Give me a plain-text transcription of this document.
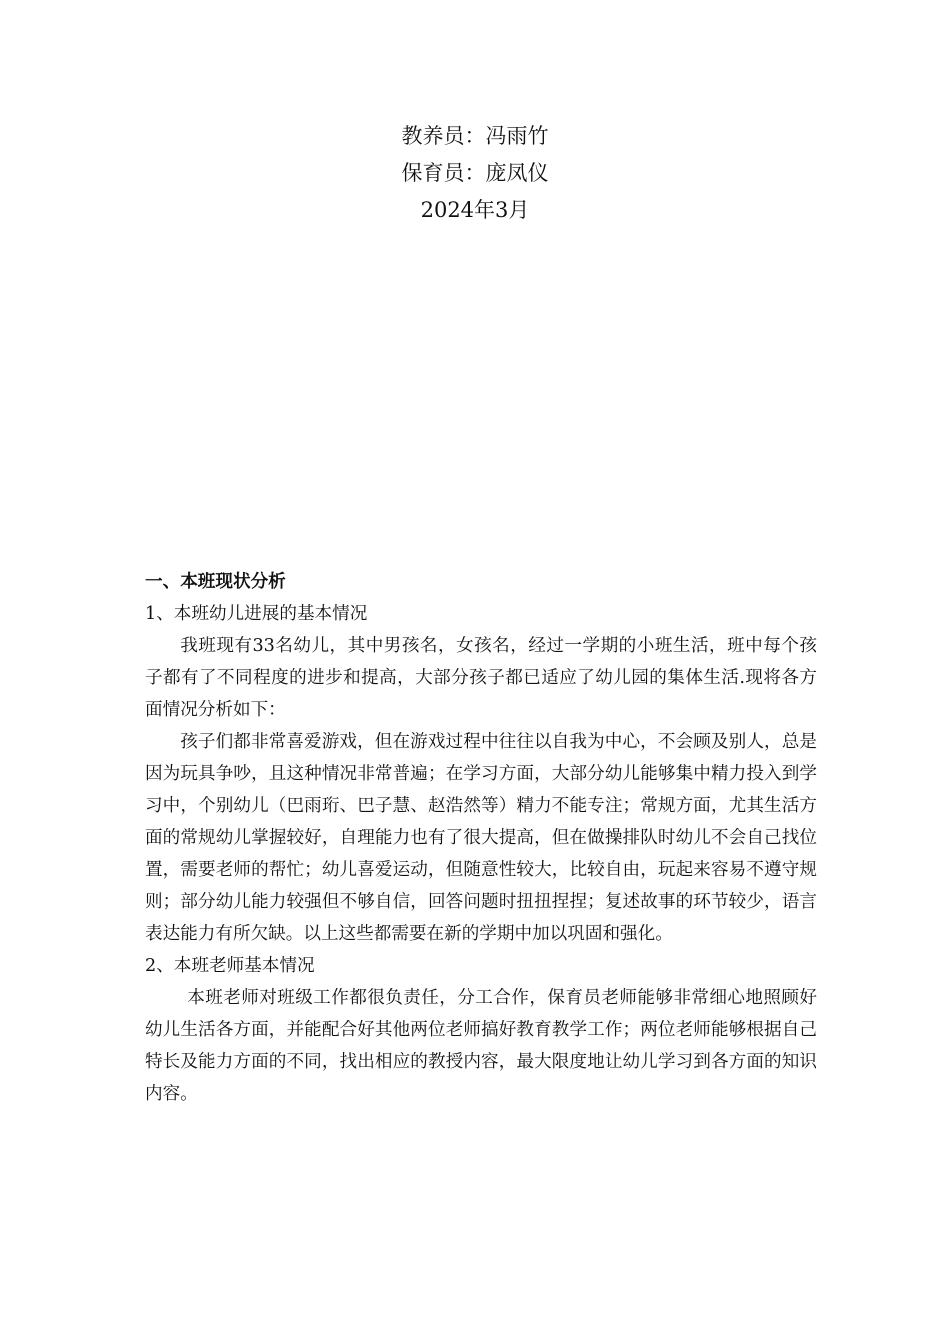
教养员：冯雨竹
保育员：庞凤仪
2024年3月
一、本班现状分析
1、本班幼儿进展的基本情况

我班现有33名幼儿，其中男孩名，女孩名，经过一学期的小班生活，班中每个孩子都有了不同程度的进步和提高，大部分孩子都已适应了幼儿园的集体生活.现将各方面情况分析如下：

孩子们都非常喜爱游戏，但在游戏过程中往往以自我为中心，不会顾及别人，总是因为玩具争吵，且这种情况非常普遍；在学习方面，大部分幼儿能够集中精力投入到学习中，个别幼儿（巴雨珩、巴子慧、赵浩然等）精力不能专注；常规方面，尤其生活方面的常规幼儿掌握较好，自理能力也有了很大提高，但在做操排队时幼儿不会自己找位置，需要老师的帮忙；幼儿喜爱运动，但随意性较大，比较自由，玩起来容易不遵守规则；部分幼儿能力较强但不够自信，回答问题时扭扭捏捏；复述故事的环节较少，语言表达能力有所欠缺。以上这些都需要在新的学期中加以巩固和强化。

2、本班老师基本情况

本班老师对班级工作都很负责任，分工合作，保育员老师能够非常细心地照顾好幼儿生活各方面，并能配合好其他两位老师搞好教育教学工作；两位老师能够根据自己特长及能力方面的不同，找出相应的教授内容，最大限度地让幼儿学习到各方面的知识内容。
